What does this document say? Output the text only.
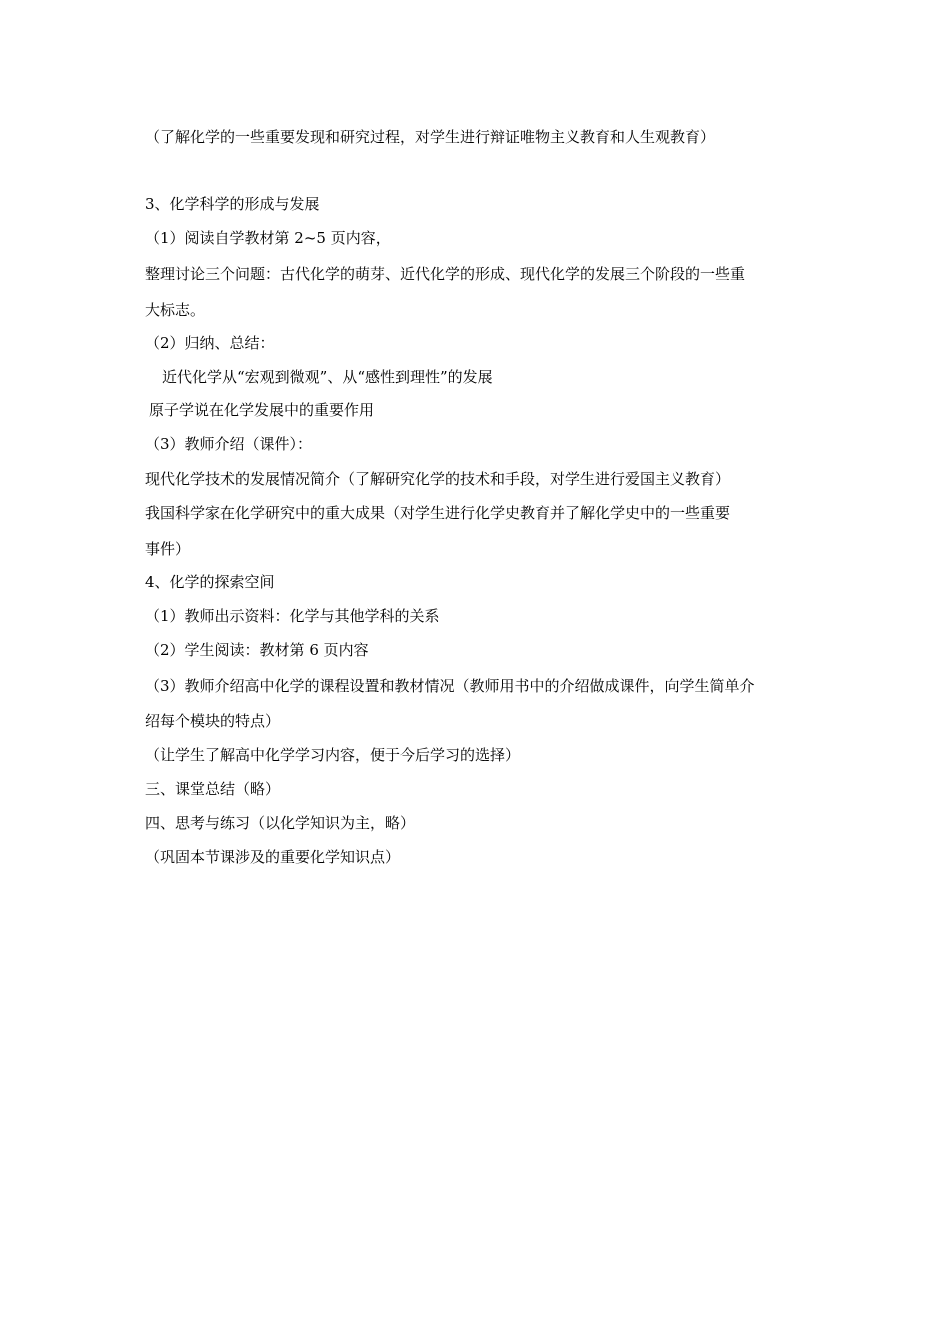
（了解化学的一些重要发现和研究过程，对学生进行辩证唯物主义教育和人生观教育）

3、化学科学的形成与发展

（1）阅读自学教材第 2~5 页内容，

整理讨论三个问题：古代化学的萌芽、近代化学的形成、现代化学的发展三个阶段的一些重

大标志。

（2）归纳、总结：

近代化学从“宏观到微观”、从“感性到理性”的发展

原子学说在化学发展中的重要作用

（3）教师介绍（课件）：

现代化学技术的发展情况简介（了解研究化学的技术和手段，对学生进行爱国主义教育）

我国科学家在化学研究中的重大成果（对学生进行化学史教育并了解化学史中的一些重要

事件）

4、化学的探索空间

（1）教师出示资料：化学与其他学科的关系

（2）学生阅读：教材第 6 页内容

（3）教师介绍高中化学的课程设置和教材情况（教师用书中的介绍做成课件，向学生简单介

绍每个模块的特点）

（让学生了解高中化学学习内容，便于今后学习的选择）

三、课堂总结（略）

四、思考与练习（以化学知识为主，略）

（巩固本节课涉及的重要化学知识点）
